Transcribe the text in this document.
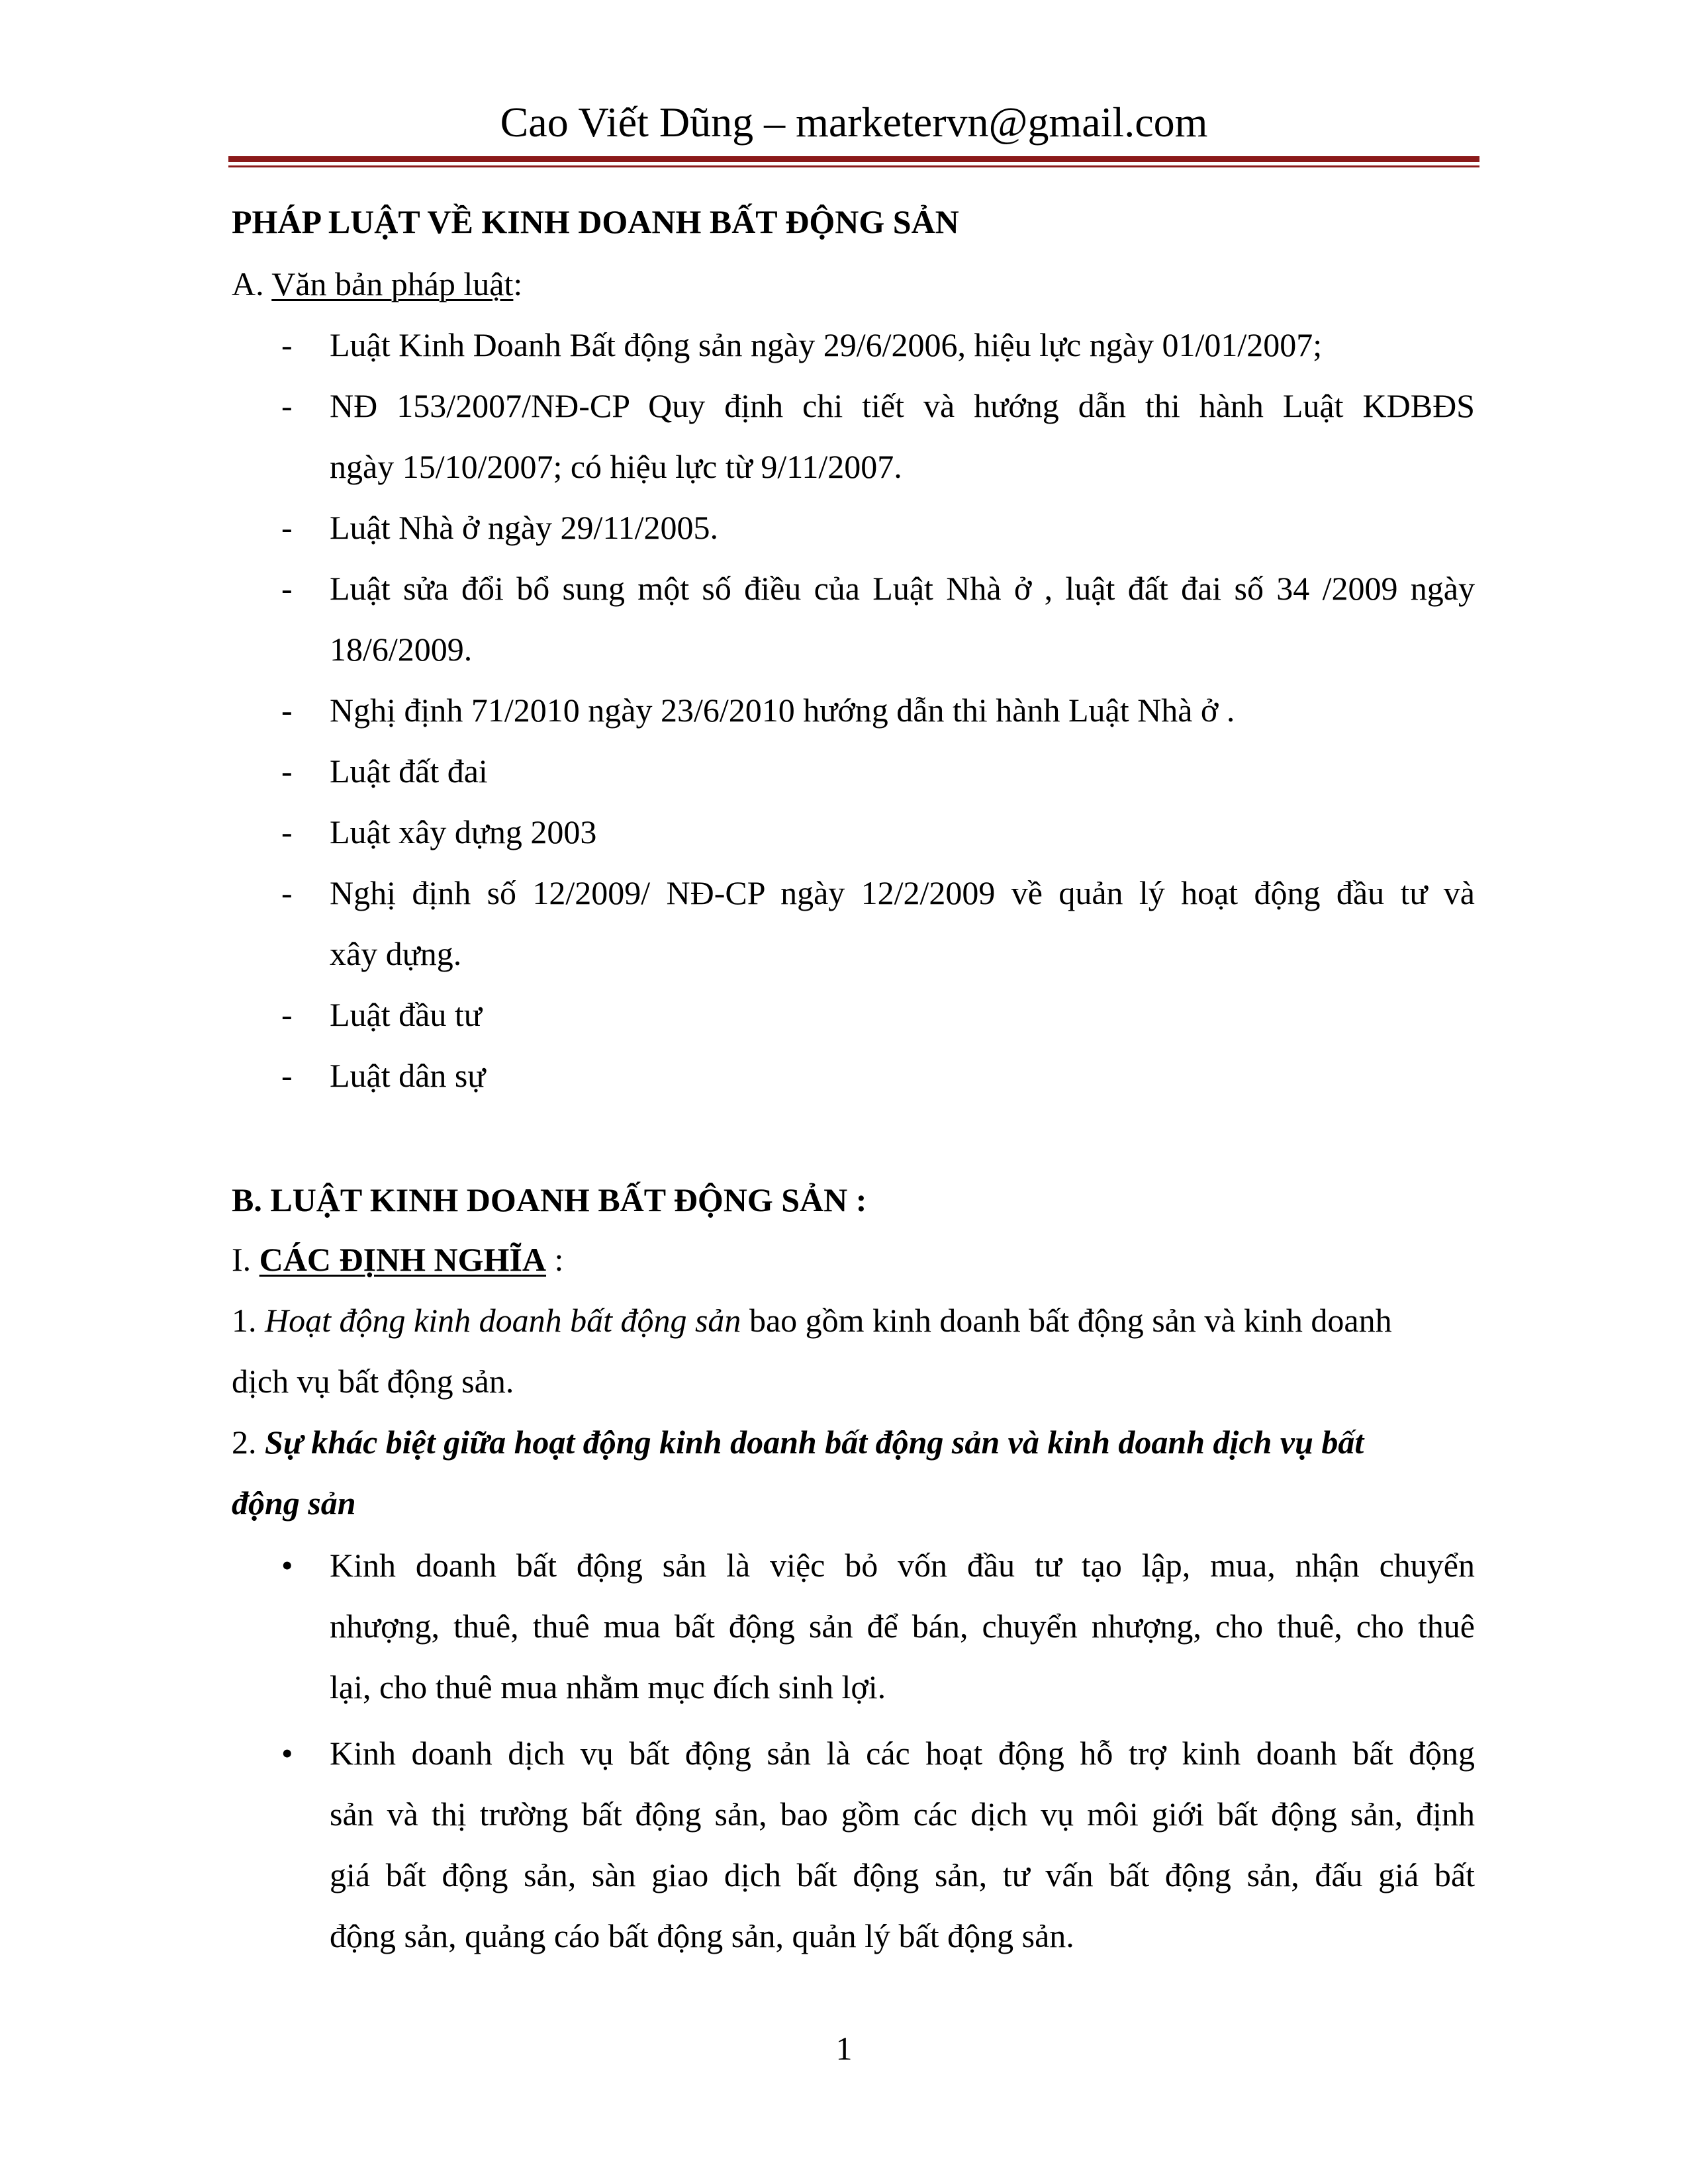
Cao Viết Dũng – marketervn@gmail.com
PHÁP LUẬT VỀ KINH DOANH BẤT ĐỘNG SẢN
A. Văn bản pháp luật:
- Luật Kinh Doanh Bất động sản ngày 29/6/2006, hiệu lực ngày 01/01/2007;
- NĐ 153/2007/NĐ-CP Quy định chi tiết và hướng dẫn thi hành Luật KDBĐS
ngày 15/10/2007; có hiệu lực từ 9/11/2007.
- Luật Nhà ở ngày 29/11/2005.
- Luật sửa đổi bổ sung một số điều của Luật Nhà ở , luật đất đai số 34 /2009 ngày
18/6/2009.
- Nghị định 71/2010 ngày 23/6/2010 hướng dẫn thi hành Luật Nhà ở .
- Luật đất đai
- Luật xây dựng 2003
- Nghị định số 12/2009/ NĐ-CP ngày 12/2/2009 về quản lý hoạt động đầu tư và
xây dựng.
- Luật đầu tư
- Luật dân sự
B. LUẬT KINH DOANH BẤT ĐỘNG SẢN :
I. CÁC ĐỊNH NGHĨA :
1. Hoạt động kinh doanh bất động sản bao gồm kinh doanh bất động sản và kinh doanh
dịch vụ bất động sản.
2. Sự khác biệt giữa hoạt động kinh doanh bất động sản và kinh doanh dịch vụ bất
động sản
• Kinh doanh bất động sản là việc bỏ vốn đầu tư tạo lập, mua, nhận chuyển
nhượng, thuê, thuê mua bất động sản để bán, chuyển nhượng, cho thuê, cho thuê
lại, cho thuê mua nhằm mục đích sinh lợi.
• Kinh doanh dịch vụ bất động sản là các hoạt động hỗ trợ kinh doanh bất động
sản và thị trường bất động sản, bao gồm các dịch vụ môi giới bất động sản, định
giá bất động sản, sàn giao dịch bất động sản, tư vấn bất động sản, đấu giá bất
động sản, quảng cáo bất động sản, quản lý bất động sản.
1
